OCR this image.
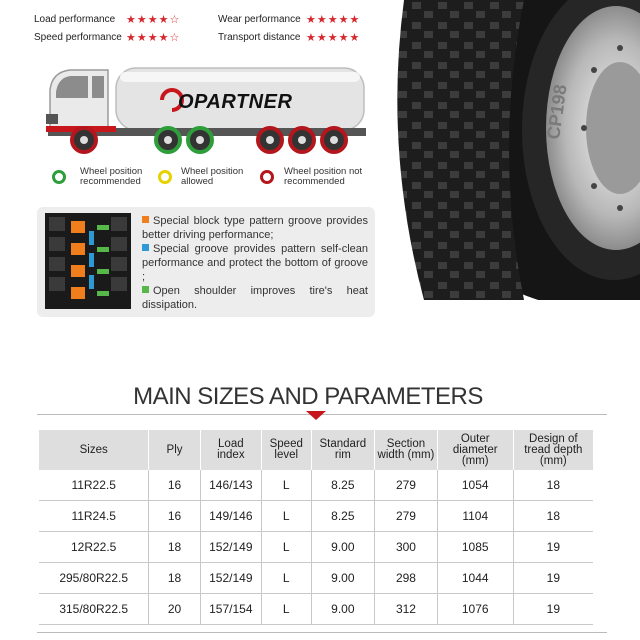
Load performance ★★★★☆
Speed performance ★★★★☆
Wear performance ★★★★★
Transport distance ★★★★★
OPARTNER
Wheel position recommended
Wheel position allowed
Wheel position not recommended
Special block type pattern groove provides better driving performance;
Special groove provides pattern self-clean performance and protect the bottom of groove ;
Open shoulder improves tire's heat dissipation.
CP198
MAIN SIZES AND PARAMETERS
Sizes	Ply	Load index	Speed level	Standard rim	Section width (mm)	Outer diameter (mm)	Design of tread depth (mm)
11R22.5	16	146/143	L	8.25	279	1054	18
11R24.5	16	149/146	L	8.25	279	1104	18
12R22.5	18	152/149	L	9.00	300	1085	19
295/80R22.5	18	152/149	L	9.00	298	1044	19
315/80R22.5	20	157/154	L	9.00	312	1076	19
